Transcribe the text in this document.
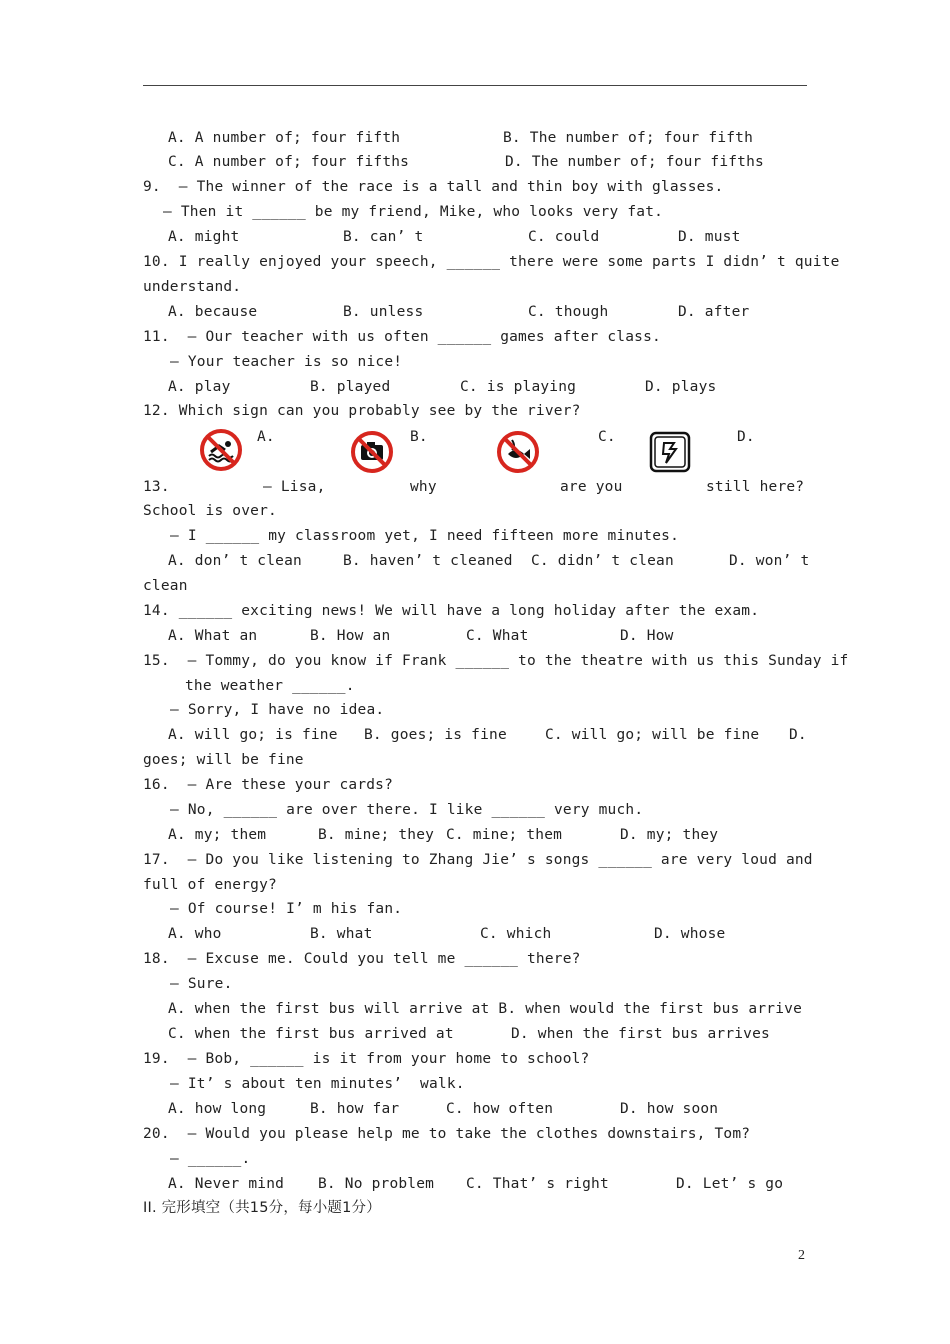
A. A number of; four fifth	B. The number of; four fifth
C. A number of; four fifths	D. The number of; four fifths
9.  – The winner of the race is a tall and thin boy with glasses.
– Then it ______ be my friend, Mike, who looks very fat.
A. might	B. can’ t	C. could	D. must
10. I really enjoyed your speech, ______ there were some parts I didn’ t quite
understand.
A. because	B. unless	C. though	D. after
11.  – Our teacher with us often ______ games after class.
– Your teacher is so nice!
A. play	B. played	C. is playing	D. plays
12. Which sign can you probably see by the river?
A.	B.	C.	D.
13.	– Lisa,	why	are you	still here?
School is over.
– I ______ my classroom yet, I need fifteen more minutes.
A. don’ t clean	B. haven’ t cleaned C. didn’ t clean	D. won’ t
clean
14. ______ exciting news! We will have a long holiday after the exam.
A. What an	B. How an	C. What	D. How
15.  – Tommy, do you know if Frank ______ to the theatre with us this Sunday if
the weather ______.
– Sorry, I have no idea.
A. will go; is fine B. goes; is fine	C. will go; will be fine D.
goes; will be fine
16.  – Are these your cards?
– No, ______ are over there. I like ______ very much.
A. my; them	B. mine; they C. mine; them	D. my; they
17.  – Do you like listening to Zhang Jie’ s songs ______ are very loud and
full of energy?
– Of course! I’ m his fan.
A. who	B. what	C. which	D. whose
18.  – Excuse me. Could you tell me ______ there?
– Sure.
A. when the first bus will arrive at B. when would the first bus arrive
C. when the first bus arrived at	D. when the first bus arrives
19.  – Bob, ______ is it from your home to school?
– It’ s about ten minutes’  walk.
A. how long	B. how far	C. how often	D. how soon
20.  – Would you please help me to take the clothes downstairs, Tom?
– ______.
A. Never mind B. No problem C. That’ s right	D. Let’ s go
II. 完形填空（共15分，每小题1分）
2
